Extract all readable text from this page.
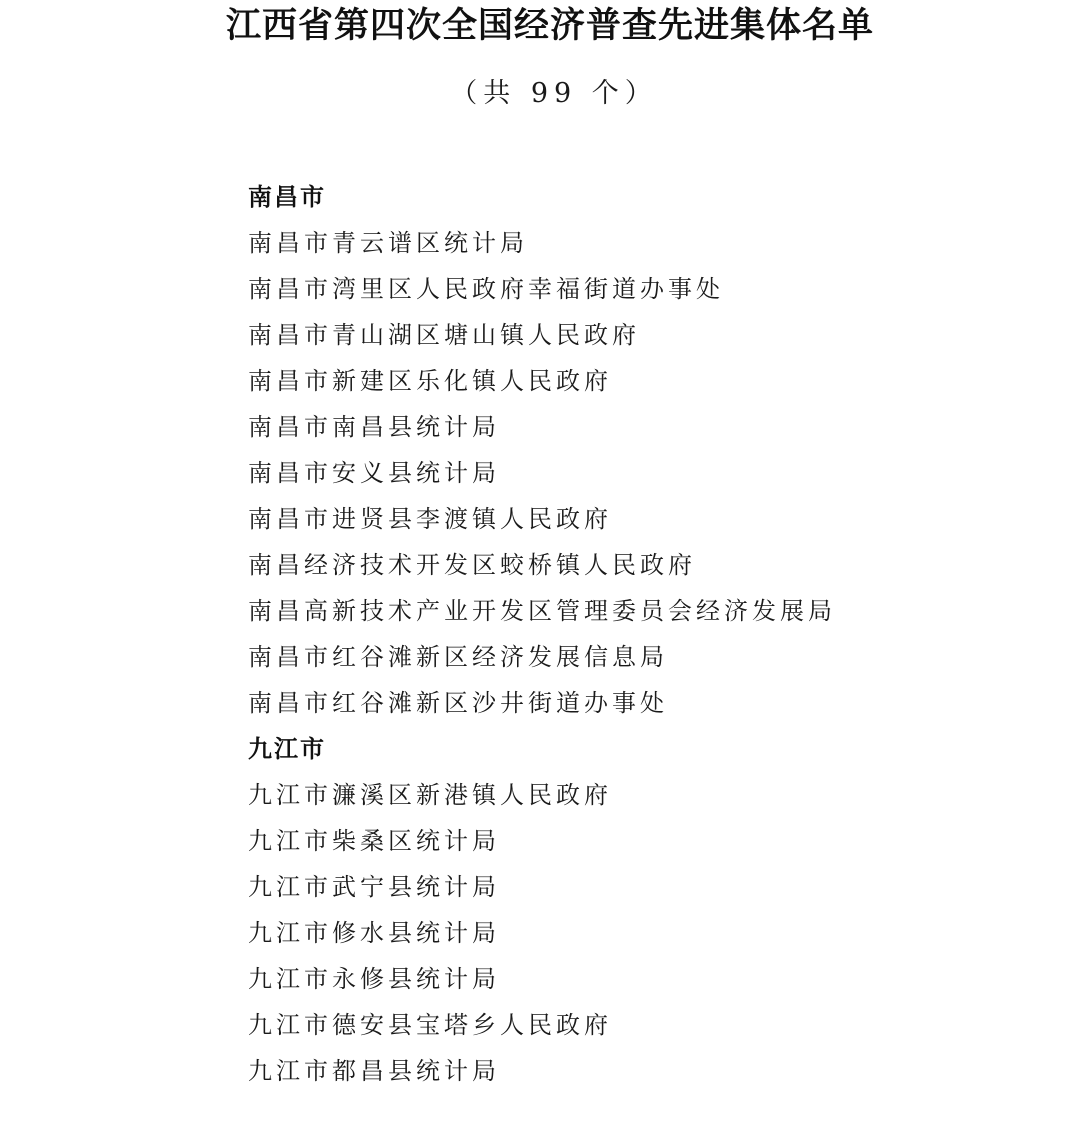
江西省第四次全国经济普查先进集体名单
（共 99 个）
南昌市
南昌市青云谱区统计局
南昌市湾里区人民政府幸福街道办事处
南昌市青山湖区塘山镇人民政府
南昌市新建区乐化镇人民政府
南昌市南昌县统计局
南昌市安义县统计局
南昌市进贤县李渡镇人民政府
南昌经济技术开发区蛟桥镇人民政府
南昌高新技术产业开发区管理委员会经济发展局
南昌市红谷滩新区经济发展信息局
南昌市红谷滩新区沙井街道办事处
九江市
九江市濂溪区新港镇人民政府
九江市柴桑区统计局
九江市武宁县统计局
九江市修水县统计局
九江市永修县统计局
九江市德安县宝塔乡人民政府
九江市都昌县统计局
